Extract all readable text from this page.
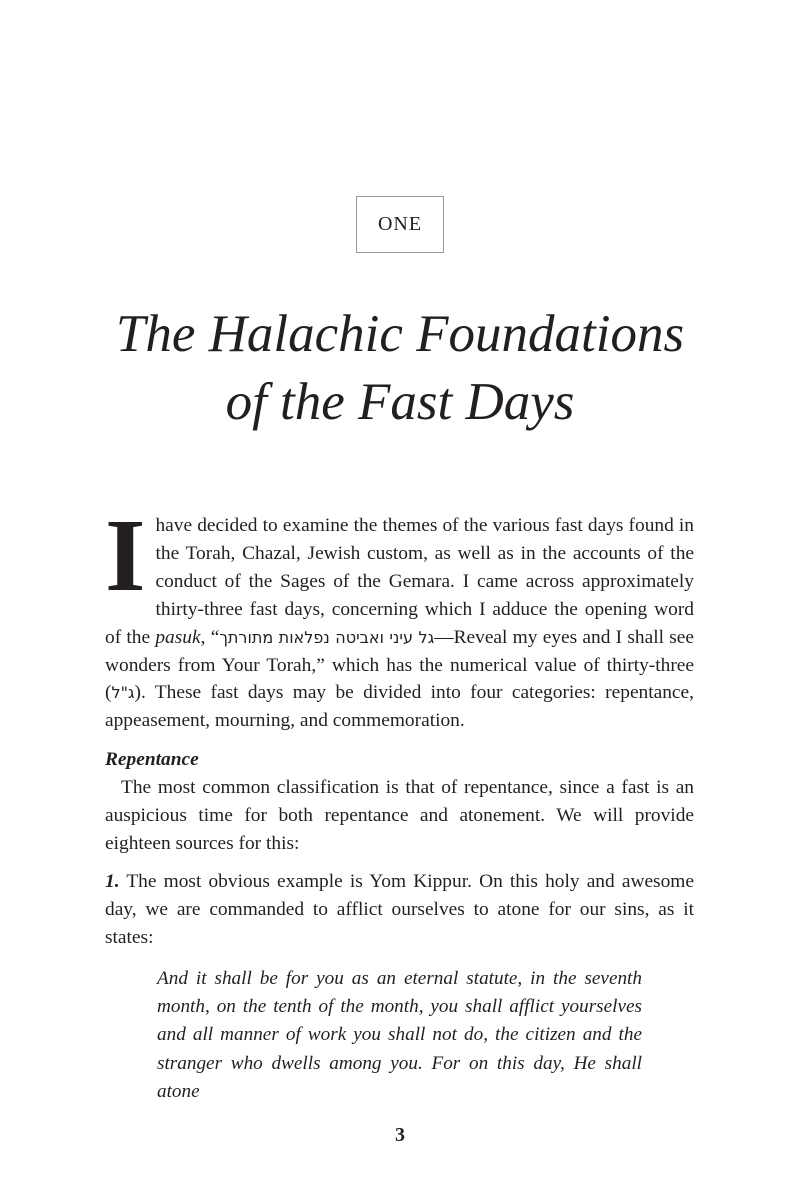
ONE
The Halachic Foundations
of the Fast Days

Ihave decided to examine the themes of the various fast days found in the Torah, Chazal, Jewish custom, as well as in the accounts of the conduct of the Sages of the Gemara. I came across approximately thirty-three fast days, concerning which I adduce the opening word of the pasuk, “גל עיני ואביטה נפלאות מתורתך—Reveal my eyes and I shall see wonders from Your Torah,” which has the numerical value of thirty-three (ג"ל). These fast days may be divided into four categories: repentance, appeasement, mourning, and commemoration.

Repentance

The most common classification is that of repentance, since a fast is an auspicious time for both repentance and atonement. We will provide eighteen sources for this:

1. The most obvious example is Yom Kippur. On this holy and awesome day, we are commanded to afflict ourselves to atone for our sins, as it states:

And it shall be for you as an eternal statute, in the seventh month, on the tenth of the month, you shall afflict yourselves and all manner of work you shall not do, the citizen and the stranger who dwells among you. For on this day, He shall atone

3
